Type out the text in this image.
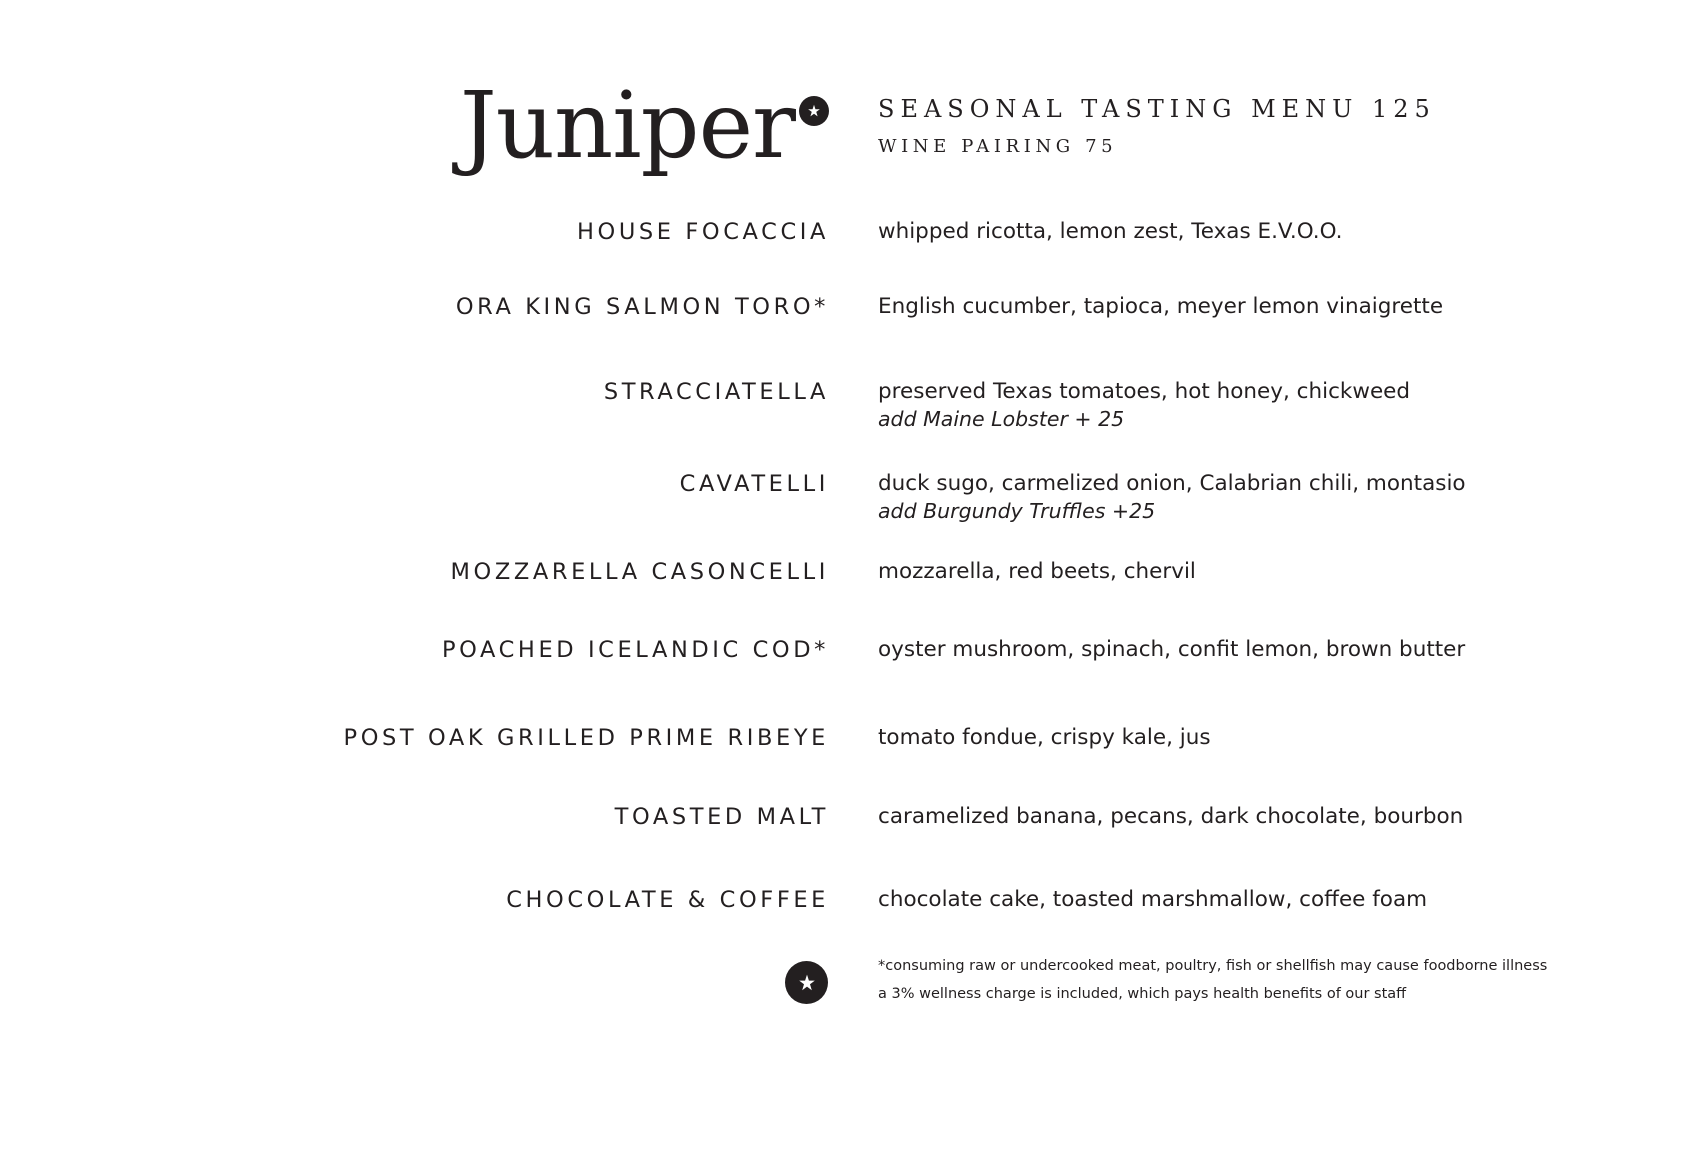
Juniper	SEASONAL TASTING MENU 125
WINE PAIRING 75
HOUSE FOCACCIA whipped ricotta, lemon zest, Texas E.V.O.O.
ORA KING SALMON TORO* English cucumber, tapioca, meyer lemon vinaigrette
STRACCIATELLA preserved Texas tomatoes, hot honey, chickweed
add Maine Lobster + 25
CAVATELLI duck sugo, carmelized onion, Calabrian chili, montasio
add Burgundy Truffles +25
MOZZARELLA CASONCELLI mozzarella, red beets, chervil
POACHED ICELANDIC COD* oyster mushroom, spinach, confit lemon, brown butter
POST OAK GRILLED PRIME RIBEYE tomato fondue, crispy kale, jus
TOASTED MALT caramelized banana, pecans, dark chocolate, bourbon
CHOCOLATE & COFFEE chocolate cake, toasted marshmallow, coffee foam
*consuming raw or undercooked meat, poultry, fish or shellfish may cause foodborne illness
a 3% wellness charge is included, which pays health benefits of our staff
